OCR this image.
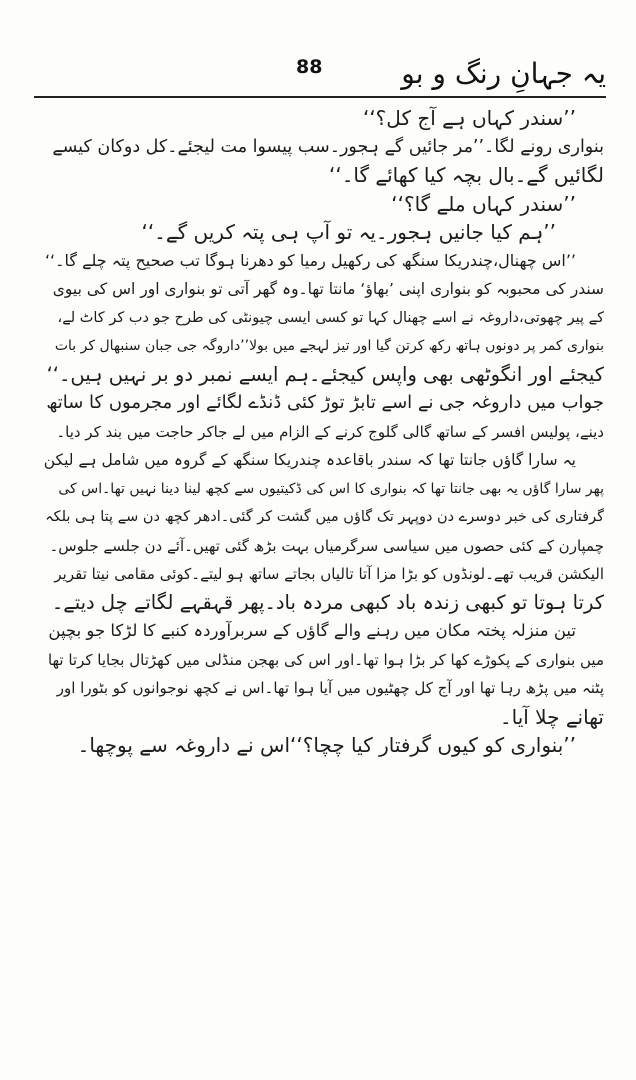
یہ جہانِ رنگ و بو
88
’’سندر کہاں ہے آج کل؟‘‘
بنواری رونے لگا۔’’مر جائیں گے ہجور۔سب پیسوا مت لیجئے۔کل دوکان کیسے
لگائیں گے۔بال بچہ کیا کھائے گا۔‘‘
’’سندر کہاں ملے گا؟‘‘
’’ہم کیا جانیں ہجور۔یہ تو آپ ہی پتہ کریں گے۔‘‘
’’اس چھنال،چندریکا سنگھ کی رکھیل رمیا کو دھرنا ہوگا تب صحیح پتہ چلے گا۔‘‘
سندر کی محبوبہ کو بنواری اپنی ’بھاؤ‘ مانتا تھا۔وہ گھر آتی تو بنواری اور اس کی بیوی
کے پیر چھوتی،داروغہ نے اسے چھنال کہا تو کسی ایسی چیونٹی کی طرح جو دب کر کاٹ لے،
بنواری کمر پر دونوں ہاتھ رکھ کرتن گیا اور تیز لہجے میں بولا’’داروگہ جی جبان سنبھال کر بات
کیجئے اور انگوٹھی بھی واپس کیجئے۔ہم ایسے نمبر دو بر نہیں ہیں۔‘‘
جواب میں داروغہ جی نے اسے تابڑ توڑ کئی ڈنڈے لگائے اور مجرموں کا ساتھ
دینے، پولیس افسر کے ساتھ گالی گلوج کرنے کے الزام میں لے جاکر حاجت میں بند کر دیا۔
یہ سارا گاؤں جانتا تھا کہ سندر باقاعدہ چندریکا سنگھ کے گروہ میں شامل ہے لیکن
پھر سارا گاؤں یہ بھی جانتا تھا کہ بنواری کا اس کی ڈکیتیوں سے کچھ لینا دینا نہیں تھا۔اس کی
گرفتاری کی خبر دوسرے دن دوپہر تک گاؤں میں گشت کر گئی۔ادھر کچھ دن سے پتا ہی بلکہ
چمپارن کے کئی حصوں میں سیاسی سرگرمیاں بہت بڑھ گئی تھیں۔آئے دن جلسے جلوس۔
الیکشن قریب تھے۔لونڈوں کو بڑا مزا آتا تالیاں بجاتے ساتھ ہو لیتے۔کوئی مقامی نیتا تقریر
کرتا ہوتا تو کبھی زندہ باد کبھی مردہ باد۔پھر قہقہے لگاتے چل دیتے۔
تین منزلہ پختہ مکان میں رہنے والے گاؤں کے سربرآوردہ کنبے کا لڑکا جو بچپن
میں بنواری کے پکوڑے کھا کر بڑا ہوا تھا۔اور اس کی بھجن منڈلی میں کھڑتال بجایا کرتا تھا
پٹنہ میں پڑھ رہا تھا اور آج کل چھٹیوں میں آیا ہوا تھا۔اس نے کچھ نوجوانوں کو بٹورا اور
تھانے چلا آیا۔
’’بنواری کو کیوں گرفتار کیا چچا؟‘‘اس نے داروغہ سے پوچھا۔
